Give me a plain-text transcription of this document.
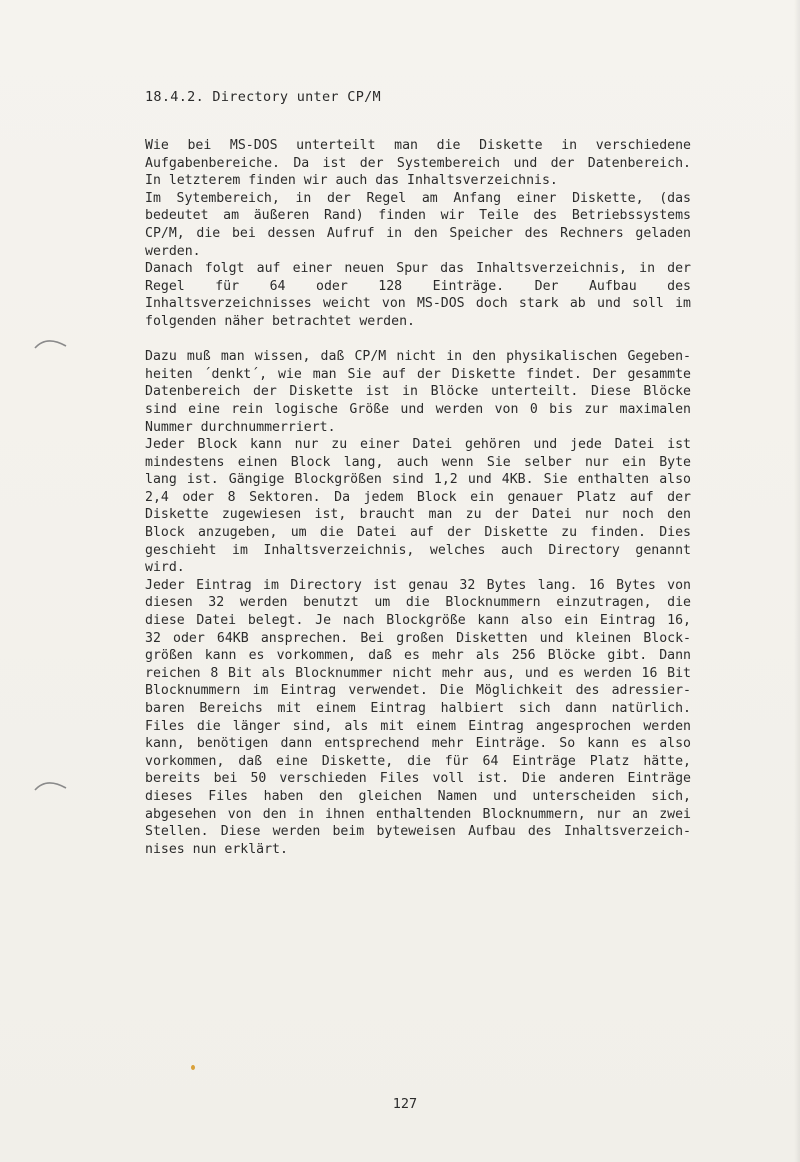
18.4.2. Directory unter CP/M
Wie bei MS-DOS unterteilt man die Diskette in verschiedene
Aufgabenbereiche. Da ist der Systembereich und der Datenbereich.
In letzterem finden wir auch das Inhaltsverzeichnis.
Im Sytembereich, in der Regel am Anfang einer Diskette, (das
bedeutet am äußeren Rand) finden wir Teile des Betriebssystems
CP/M, die bei dessen Aufruf in den Speicher des Rechners geladen
werden.
Danach folgt auf einer neuen Spur das Inhaltsverzeichnis, in der
Regel für 64 oder 128 Einträge. Der Aufbau des
Inhaltsverzeichnisses weicht von MS-DOS doch stark ab und soll im
folgenden näher betrachtet werden.
Dazu muß man wissen, daß CP/M nicht in den physikalischen Gegeben-
heiten ´denkt´, wie man Sie auf der Diskette findet. Der gesammte
Datenbereich der Diskette ist in Blöcke unterteilt. Diese Blöcke
sind eine rein logische Größe und werden von 0 bis zur maximalen
Nummer durchnummerriert.
Jeder Block kann nur zu einer Datei gehören und jede Datei ist
mindestens einen Block lang, auch wenn Sie selber nur ein Byte
lang ist. Gängige Blockgrößen sind 1,2 und 4KB. Sie enthalten also
2,4 oder 8 Sektoren. Da jedem Block ein genauer Platz auf der
Diskette zugewiesen ist, braucht man zu der Datei nur noch den
Block anzugeben, um die Datei auf der Diskette zu finden. Dies
geschieht im Inhaltsverzeichnis, welches auch Directory genannt
wird.
Jeder Eintrag im Directory ist genau 32 Bytes lang. 16 Bytes von
diesen 32 werden benutzt um die Blocknummern einzutragen, die
diese Datei belegt. Je nach Blockgröße kann also ein Eintrag 16,
32 oder 64KB ansprechen. Bei großen Disketten und kleinen Block-
größen kann es vorkommen, daß es mehr als 256 Blöcke gibt. Dann
reichen 8 Bit als Blocknummer nicht mehr aus, und es werden 16 Bit
Blocknummern im Eintrag verwendet. Die Möglichkeit des adressier-
baren Bereichs mit einem Eintrag halbiert sich dann natürlich.
Files die länger sind, als mit einem Eintrag angesprochen werden
kann, benötigen dann entsprechend mehr Einträge. So kann es also
vorkommen, daß eine Diskette, die für 64 Einträge Platz hätte,
bereits bei 50 verschieden Files voll ist. Die anderen Einträge
dieses Files haben den gleichen Namen und unterscheiden sich,
abgesehen von den in ihnen enthaltenden Blocknummern, nur an zwei
Stellen. Diese werden beim byteweisen Aufbau des Inhaltsverzeich-
nises nun erklärt.
127
